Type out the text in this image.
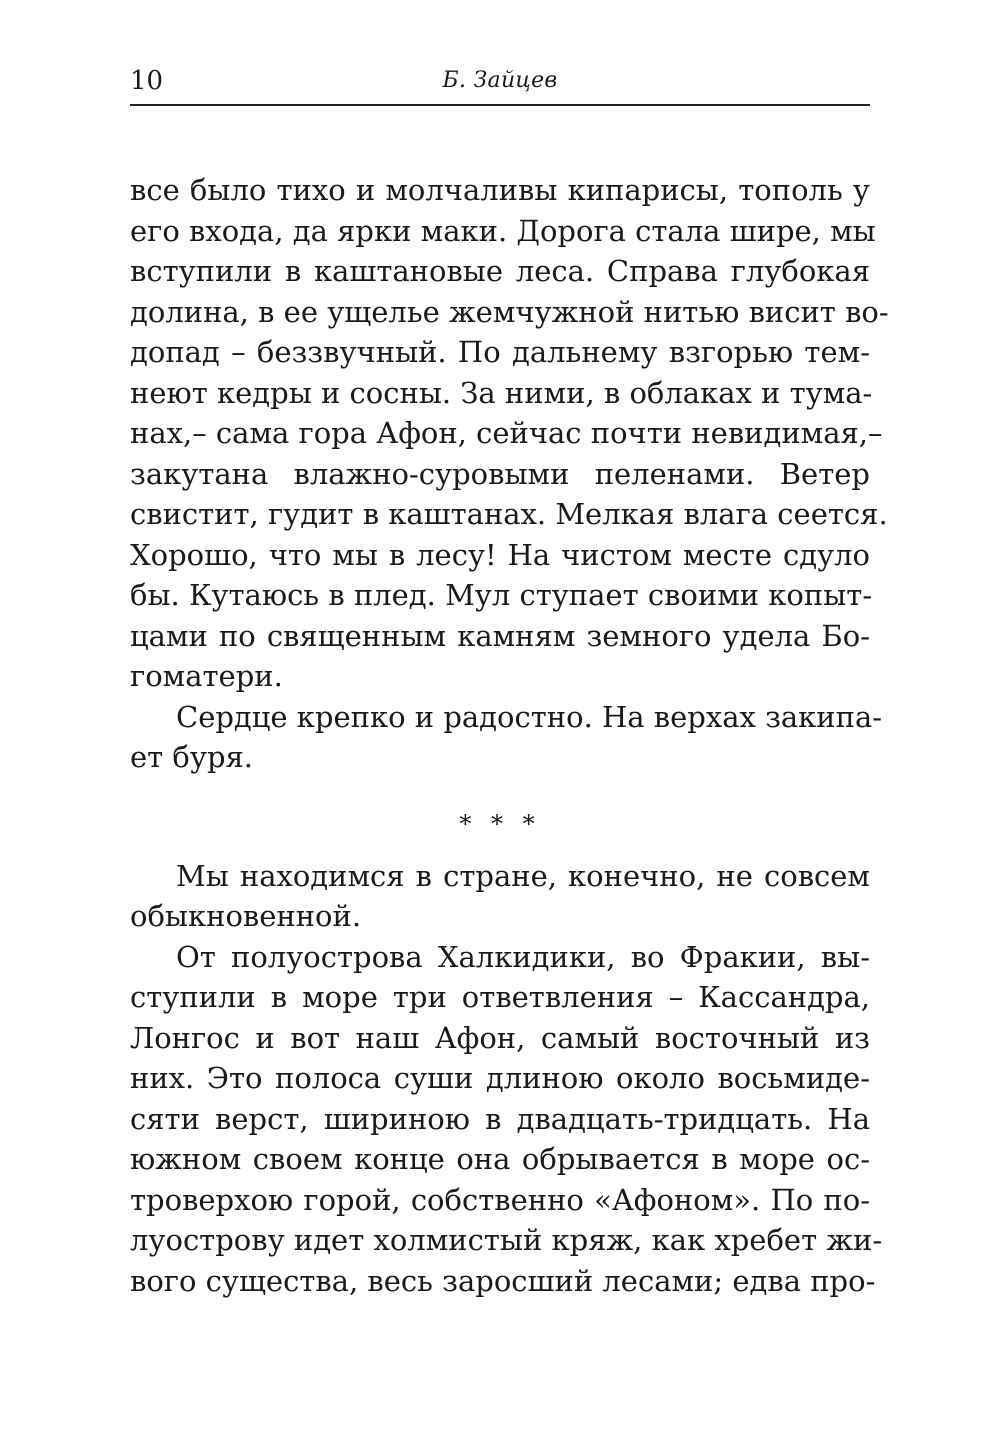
10	Б. Зайцев
все было тихо и молчаливы кипарисы, тополь у
его входа, да ярки маки. Дорога стала шире, мы
вступили в каштановые леса. Справа глубокая
долина, в ее ущелье жемчужной нитью висит во-
допад – беззвучный. По дальнему взгорью тем-
неют кедры и сосны. За ними, в облаках и тума-
нах,– сама гора Афон, сейчас почти невидимая,–
закутана влажно-суровыми пеленами. Ветер
свистит, гудит в каштанах. Мелкая влага сеется.
Хорошо, что мы в лесу! На чистом месте сдуло
бы. Кутаюсь в плед. Мул ступает своими копыт-
цами по священным камням земного удела Бо-
гоматери.
Сердце крепко и радостно. На верхах закипа-
ет буря.
* * *
Мы находимся в стране, конечно, не совсем
обыкновенной.
От полуострова Халкидики, во Фракии, вы-
ступили в море три ответвления – Кассандра,
Лонгос и вот наш Афон, самый восточный из
них. Это полоса суши длиною около восьмиде-
сяти верст, шириною в двадцать-тридцать. На
южном своем конце она обрывается в море ос-
троверхою горой, собственно «Афоном». По по-
луострову идет холмистый кряж, как хребет жи-
вого существа, весь заросший лесами; едва про-
